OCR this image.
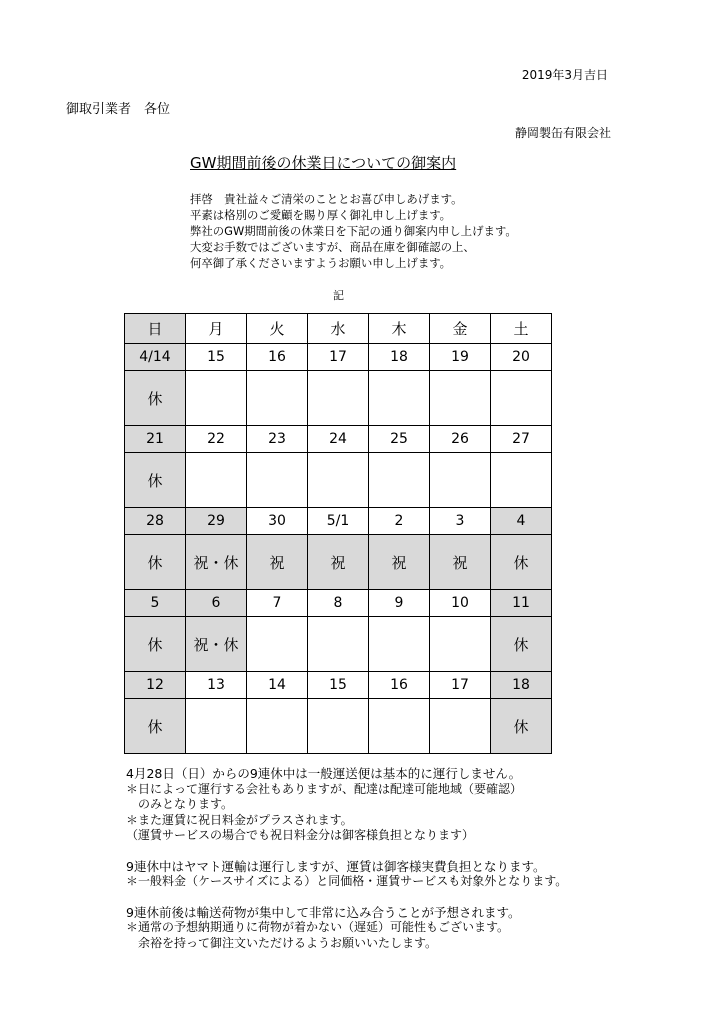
2019年3月吉日
御取引業者　各位
静岡製缶有限会社
GW期間前後の休業日についての御案内
拝啓　貴社益々ご清栄のこととお喜び申しあげます。
平素は格別のご愛顧を賜り厚く御礼申し上げます。
弊社のGW期間前後の休業日を下記の通り御案内申し上げます。
大変お手数ではございますが、商品在庫を御確認の上、
何卒御了承くださいますようお願い申し上げます。
記
日	月	火	水	木	金	土
4/14	15	16	17	18	19	20
休						
21	22	23	24	25	26	27
休						
28	29	30	5/1	2	3	4
休	祝・休	祝	祝	祝	祝	休
5	6	7	8	9	10	11
休	祝・休					休
12	13	14	15	16	17	18
休						休
4月28日（日）からの9連休中は一般運送便は基本的に運行しません。
＊日によって運行する会社もありますが、配達は配達可能地域（要確認）
　のみとなります。
＊また運賃に祝日料金がプラスされます。
（運賃サービスの場合でも祝日料金分は御客様負担となります）
9連休中はヤマト運輸は運行しますが、運賃は御客様実費負担となります。
＊一般料金（ケースサイズによる）と同価格・運賃サービスも対象外となります。
9連休前後は輸送荷物が集中して非常に込み合うことが予想されます。
＊通常の予想納期通りに荷物が着かない（遅延）可能性もございます。
　余裕を持って御注文いただけるようお願いいたします。
